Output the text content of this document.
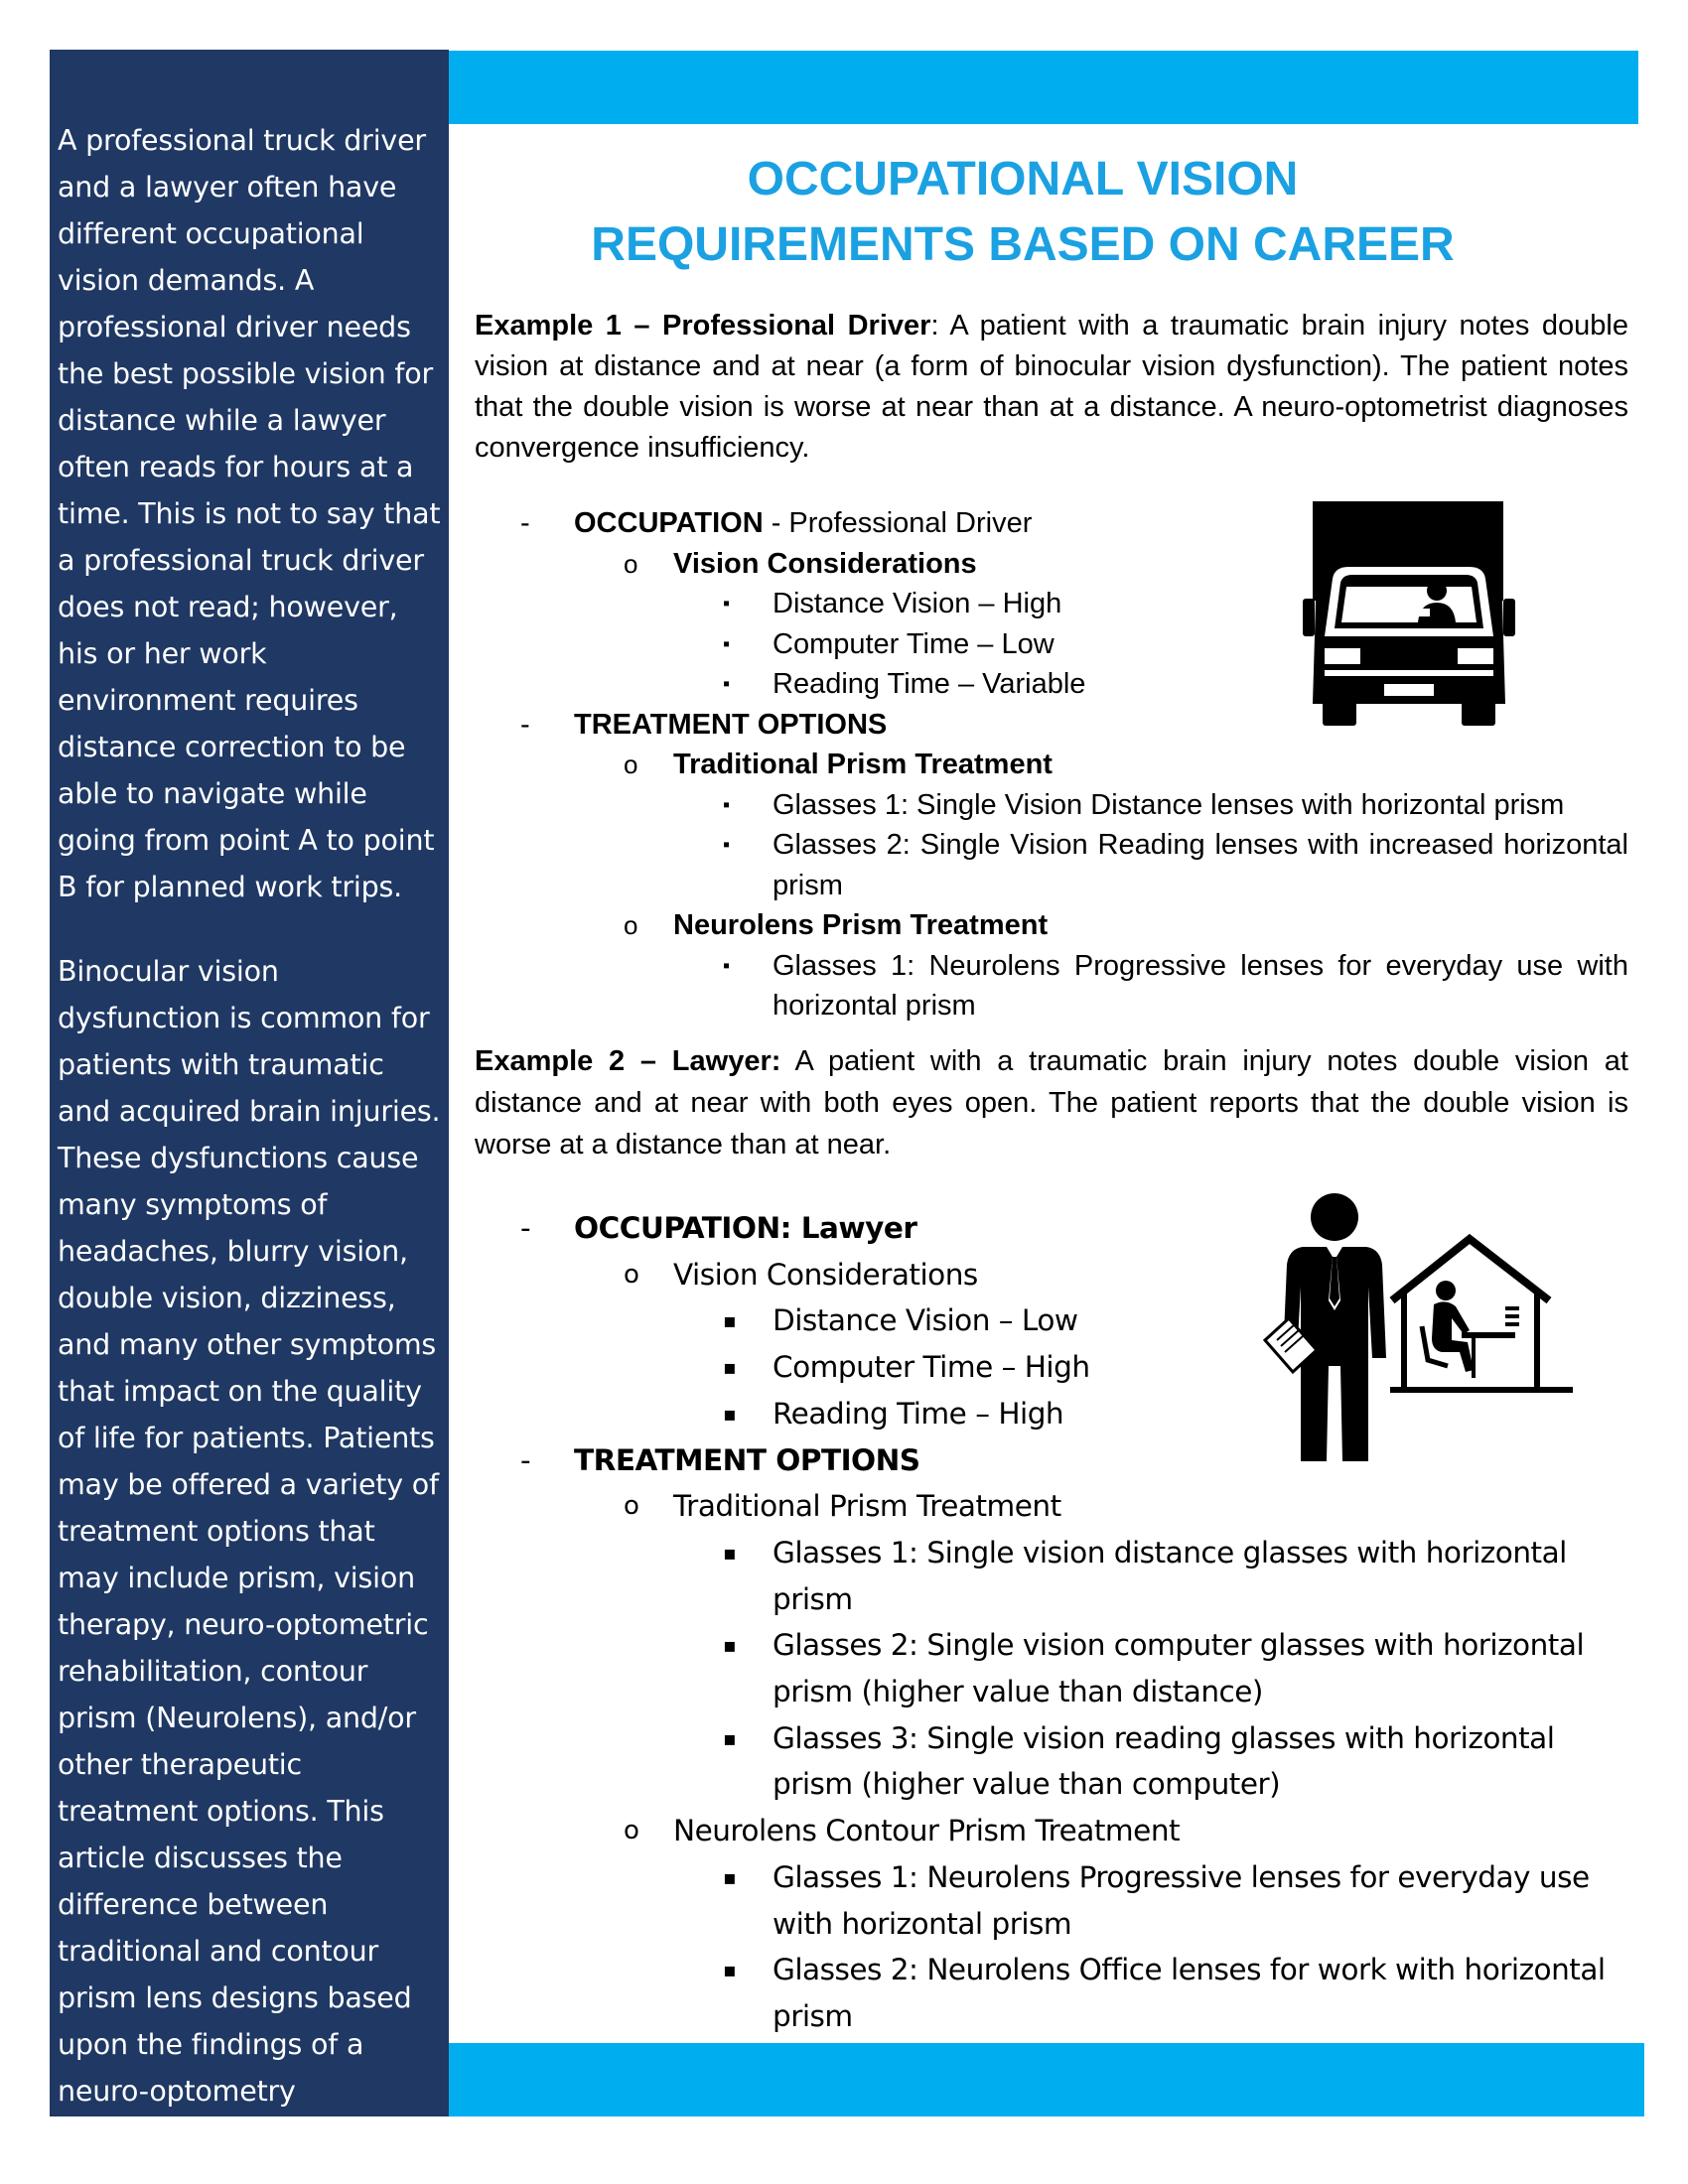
A professional truck driver and a lawyer often have different occupational vision demands. A professional driver needs the best possible vision for distance while a lawyer often reads for hours at a time. This is not to say that a professional truck driver does not read; however, his or her work environment requires distance correction to be able to navigate while going from point A to point B for planned work trips.

Binocular vision dysfunction is common for patients with traumatic and acquired brain injuries. These dysfunctions cause many symptoms of headaches, blurry vision, double vision, dizziness, and many other symptoms that impact on the quality of life for patients. Patients may be offered a variety of treatment options that may include prism, vision therapy, neuro-optometric rehabilitation, contour prism (Neurolens), and/or other therapeutic treatment options. This article discusses the difference between traditional and contour prism lens designs based upon the findings of a neuro-optometry examination.

OCCUPATIONAL VISION
REQUIREMENTS BASED ON CAREER
Example 1 – Professional Driver: A patient with a traumatic brain injury notes double vision at distance and at near (a form of binocular vision dysfunction). The patient notes that the double vision is worse at near than at a distance. A neuro-optometrist diagnoses convergence insufficiency.
- OCCUPATION - Professional Driver
o Vision Considerations
▪ Distance Vision – High
▪ Computer Time – Low
▪ Reading Time – Variable
- TREATMENT OPTIONS
o Traditional Prism Treatment
▪ Glasses 1: Single Vision Distance lenses with horizontal prism
▪ Glasses 2: Single Vision Reading lenses with increased horizontal prism
o Neurolens Prism Treatment
▪ Glasses 1: Neurolens Progressive lenses for everyday use with horizontal prism
Example 2 – Lawyer: A patient with a traumatic brain injury notes double vision at distance and at near with both eyes open. The patient reports that the double vision is worse at a distance than at near.
- OCCUPATION: Lawyer
o Vision Considerations
▪ Distance Vision – Low
▪ Computer Time – High
▪ Reading Time – High
- TREATMENT OPTIONS
o Traditional Prism Treatment
▪ Glasses 1: Single vision distance glasses with horizontal prism
▪ Glasses 2: Single vision computer glasses with horizontal prism (higher value than distance)
▪ Glasses 3: Single vision reading glasses with horizontal prism (higher value than computer)
o Neurolens Contour Prism Treatment
▪ Glasses 1: Neurolens Progressive lenses for everyday use with horizontal prism
▪ Glasses 2: Neurolens Office lenses for work with horizontal prism
